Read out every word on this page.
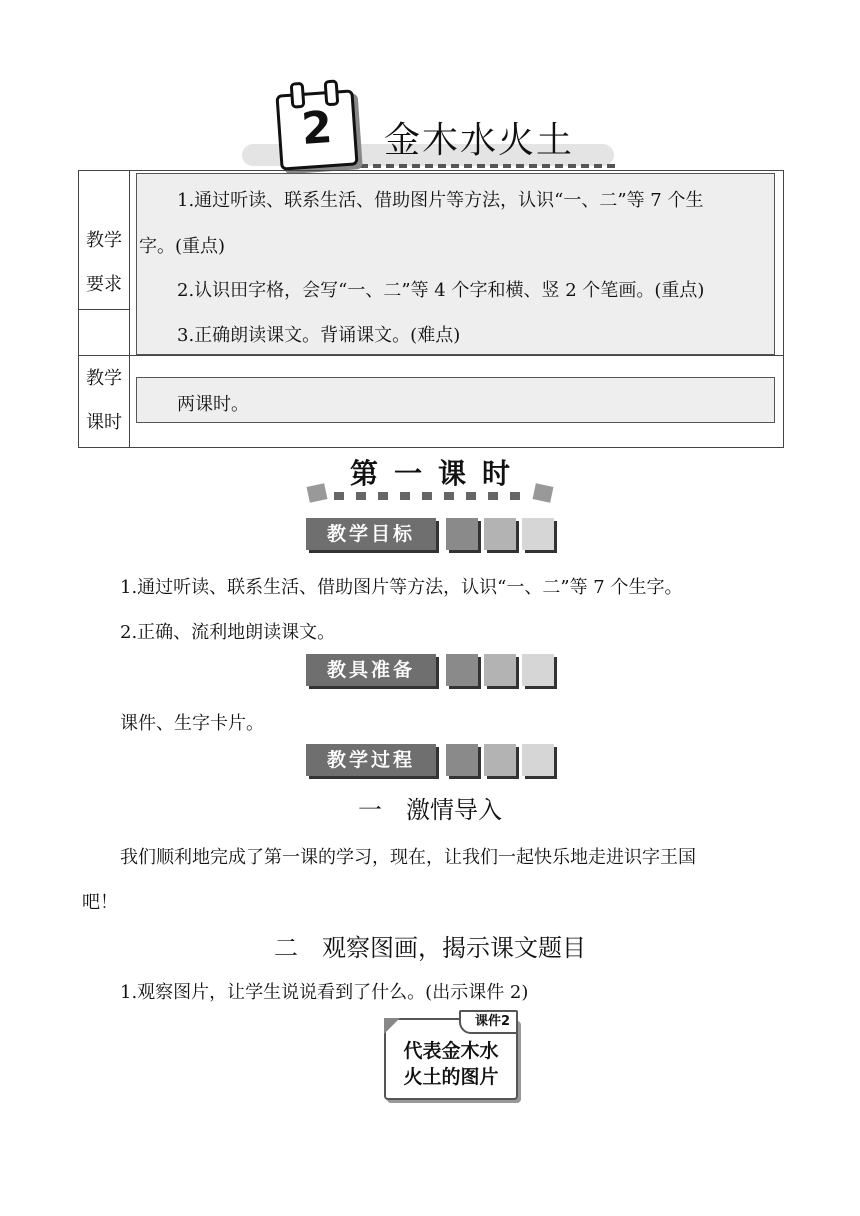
2	金木水火土
教学
要求
1.通过听读、联系生活、借助图片等方法，认识“一、二”等 7 个生
字。(重点)
2.认识田字格，会写“一、二”等 4 个字和横、竖 2 个笔画。(重点)
3.正确朗读课文。背诵课文。(难点)
教学
课时
两课时。
第一课时
教学目标
1.通过听读、联系生活、借助图片等方法，认识“一、二”等 7 个生字。
2.正确、流利地朗读课文。
教具准备
课件、生字卡片。
教学过程
一　激情导入
我们顺利地完成了第一课的学习，现在，让我们一起快乐地走进识字王国
吧！
二　观察图画，揭示课文题目
1.观察图片，让学生说说看到了什么。(出示课件 2)
课件2
代表金木水
火土的图片
